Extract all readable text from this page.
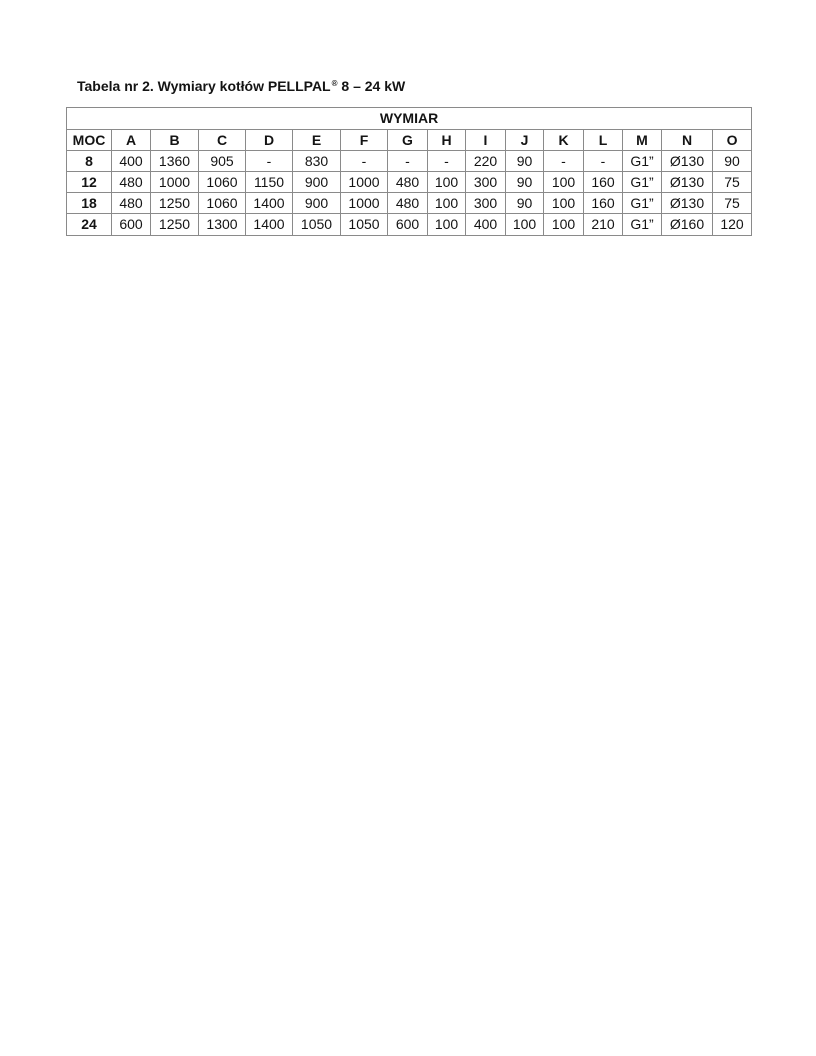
Tabela nr 2. Wymiary kotłów PELLPAL® 8 – 24 kW
WYMIAR															
MOC	A	B	C	D	E	F	G	H	I	J	K	L	M	N	O
8	400	1360	905	-	830	-	-	-	220	90	-	-	G1”	Ø130	90
12	480	1000	1060	1150	900	1000	480	100	300	90	100	160	G1”	Ø130	75
18	480	1250	1060	1400	900	1000	480	100	300	90	100	160	G1”	Ø130	75
24	600	1250	1300	1400	1050	1050	600	100	400	100	100	210	G1”	Ø160	120
